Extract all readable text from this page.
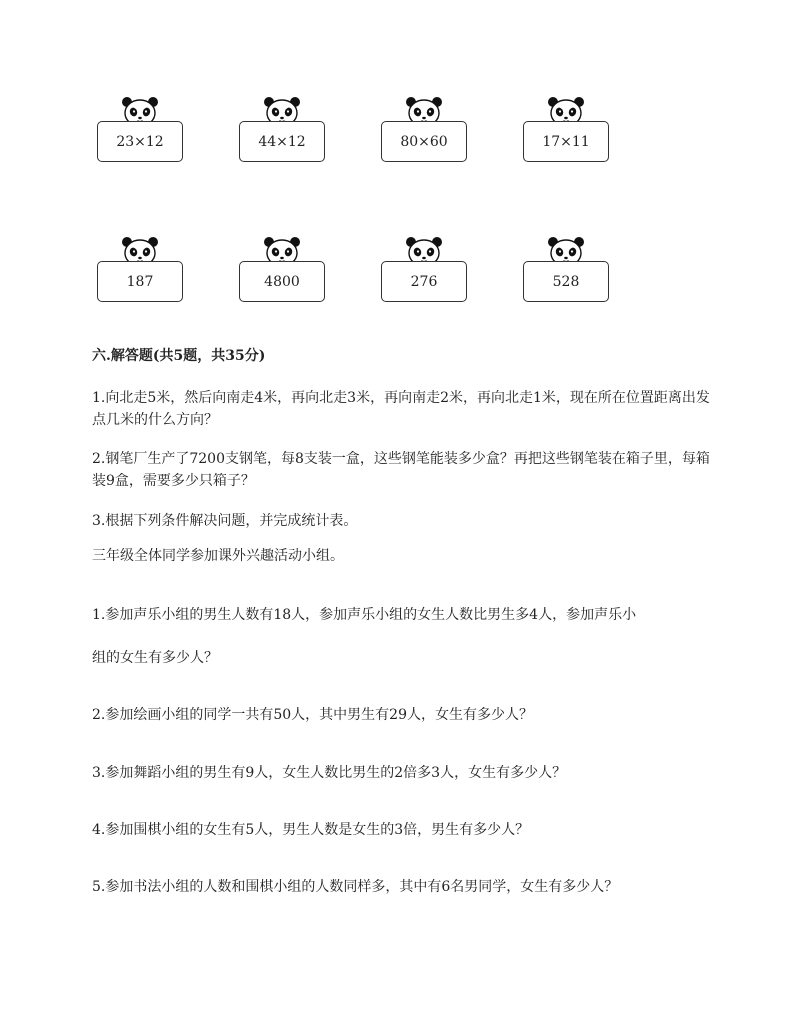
23×12	44×12	80×60	17×11
187	4800	276	528
六.解答题(共5题，共35分)
1.向北走5米，然后向南走4米，再向北走3米，再向南走2米，再向北走1米，现在所在位置距离出发点几米的什么方向？
2.钢笔厂生产了7200支钢笔，每8支装一盒，这些钢笔能装多少盒？再把这些钢笔装在箱子里，每箱装9盒，需要多少只箱子？
3.根据下列条件解决问题，并完成统计表。
三年级全体同学参加课外兴趣活动小组。
1.参加声乐小组的男生人数有18人，参加声乐小组的女生人数比男生多4人，参加声乐小
组的女生有多少人？
2.参加绘画小组的同学一共有50人，其中男生有29人，女生有多少人？
3.参加舞蹈小组的男生有9人，女生人数比男生的2倍多3人，女生有多少人？
4.参加围棋小组的女生有5人，男生人数是女生的3倍，男生有多少人？
5.参加书法小组的人数和围棋小组的人数同样多，其中有6名男同学，女生有多少人？
